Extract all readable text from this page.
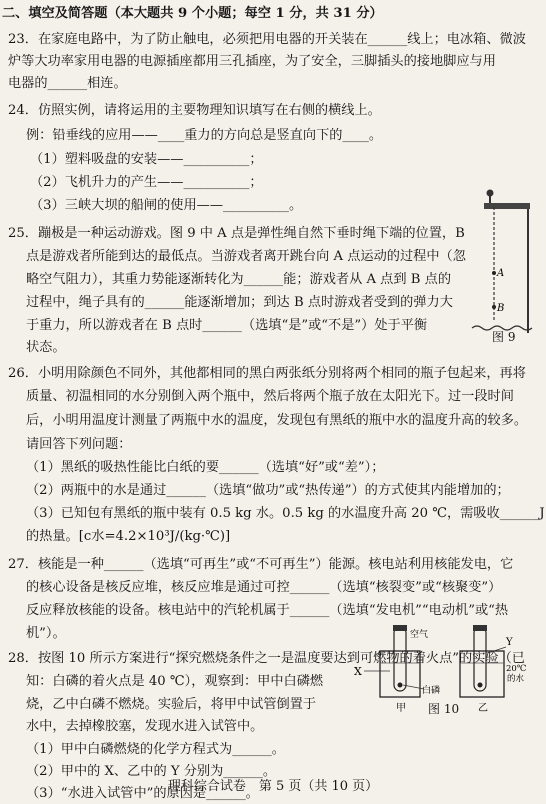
二、填空及简答题（本大题共 9 个小题；每空 1 分，共 31 分）
23．在家庭电路中，为了防止触电，必须把用电器的开关装在______线上；电冰箱、微波
炉等大功率家用电器的电源插座都用三孔插座，为了安全，三脚插头的接地脚应与用
电器的______相连。
24．仿照实例，请将运用的主要物理知识填写在右侧的横线上。
例：铅垂线的应用——____重力的方向总是竖直向下的____。
（1）塑料吸盘的安装——__________；
（2）飞机升力的产生——__________；
（3）三峡大坝的船闸的使用——__________。
25．蹦极是一种运动游戏。图 9 中 A 点是弹性绳自然下垂时绳下端的位置，B
点是游戏者所能到达的最低点。当游戏者离开跳台向 A 点运动的过程中（忽
略空气阻力），其重力势能逐渐转化为______能；游戏者从 A 点到 B 点的
过程中，绳子具有的______能逐渐增加；到达 B 点时游戏者受到的弹力大
于重力，所以游戏者在 B 点时______（选填“是”或“不是”）处于平衡
状态。
26．小明用除颜色不同外，其他都相同的黑白两张纸分别将两个相同的瓶子包起来，再将
质量、初温相同的水分别倒入两个瓶中，然后将两个瓶子放在太阳光下。过一段时间
后，小明用温度计测量了两瓶中水的温度，发现包有黑纸的瓶中水的温度升高的较多。
请回答下列问题：
（1）黑纸的吸热性能比白纸的要______（选填“好”或“差”）；
（2）两瓶中的水是通过______（选填“做功”或“热传递”）的方式使其内能增加的；
（3）已知包有黑纸的瓶中装有 0.5 kg 水。0.5 kg 的水温度升高 20 ℃，需吸收______J
的热量。[c水=4.2×10³J/(kg·℃)]
27．核能是一种______（选填“可再生”或“不可再生”）能源。核电站利用核能发电，它
的核心设备是核反应堆，核反应堆是通过可控______（选填“核裂变”或“核聚变”）
反应释放核能的设备。核电站中的汽轮机属于______（选填“发电机”“电动机”或“热
机”）。
28．按图 10 所示方案进行“探究燃烧条件之一是温度要达到可燃物的着火点”的实验（已
知：白磷的着火点是 40 ℃），观察到：甲中白磷燃
烧，乙中白磷不燃烧。实验后，将甲中试管倒置于
水中，去掉橡胶塞，发现水进入试管中。
（1）甲中白磷燃烧的化学方程式为______。
（2）甲中的 X、乙中的 Y 分别为______。
（3）“水进入试管中”的原因是______。
A
B
图 9
X
空气
白磷
甲
Y
20℃
的水
乙
图 10
理科综合试卷　第 5 页（共 10 页）
